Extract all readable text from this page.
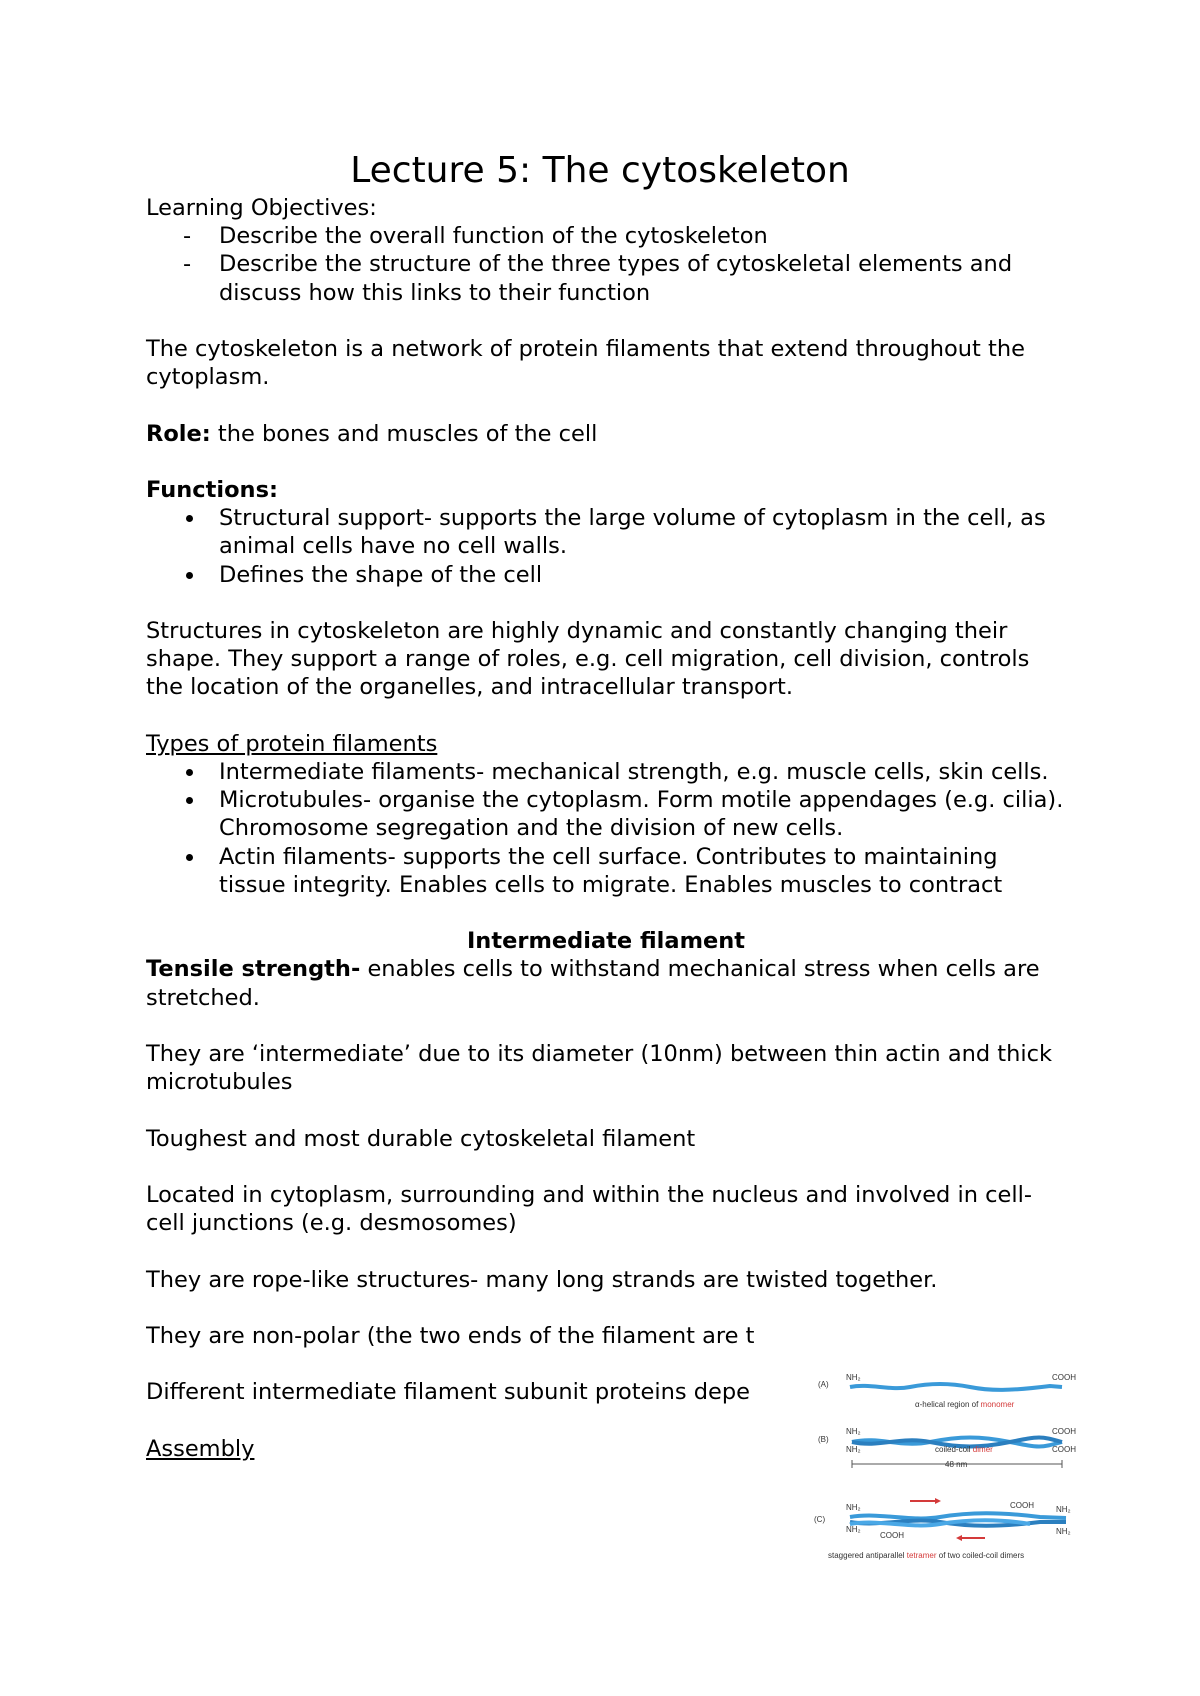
Lecture 5: The cytoskeleton

Learning Objectives:

- Describe the overall function of the cytoskeleton
- Describe the structure of the three types of cytoskeletal elements and discuss how this links to their function

The cytoskeleton is a network of protein filaments that extend throughout the cytoplasm.

Role: the bones and muscles of the cell

Functions:

Structural support- supports the large volume of cytoplasm in the cell, as animal cells have no cell walls.
Defines the shape of the cell

Structures in cytoskeleton are highly dynamic and constantly changing their shape. They support a range of roles, e.g. cell migration, cell division, controls the location of the organelles, and intracellular transport.

Types of protein filaments

Intermediate filaments- mechanical strength, e.g. muscle cells, skin cells.
Microtubules- organise the cytoplasm. Form motile appendages (e.g. cilia). Chromosome segregation and the division of new cells.
Actin filaments- supports the cell surface. Contributes to maintaining tissue integrity. Enables cells to migrate. Enables muscles to contract

Intermediate filament

Tensile strength- enables cells to withstand mechanical stress when cells are stretched.

They are ‘intermediate’ due to its diameter (10nm) between thin actin and thick microtubules

Toughest and most durable cytoskeletal filament

Located in cytoplasm, surrounding and within the nucleus and involved in cell-cell junctions (e.g. desmosomes)

They are rope-like structures- many long strands are twisted together.

They are non-polar (the two ends of the filament are t

Different intermediate filament subunit proteins depe

Assembly

(A)
NH₂	COOH
α-helical region of monomer
(B)
NH₂
NH₂
COOH
COOH
coiled-coil dimer
48 nm
(C)
NH₂
NH₂
COOH
COOH
NH₂
NH₂
staggered antiparallel tetramer of two coiled-coil dimers
